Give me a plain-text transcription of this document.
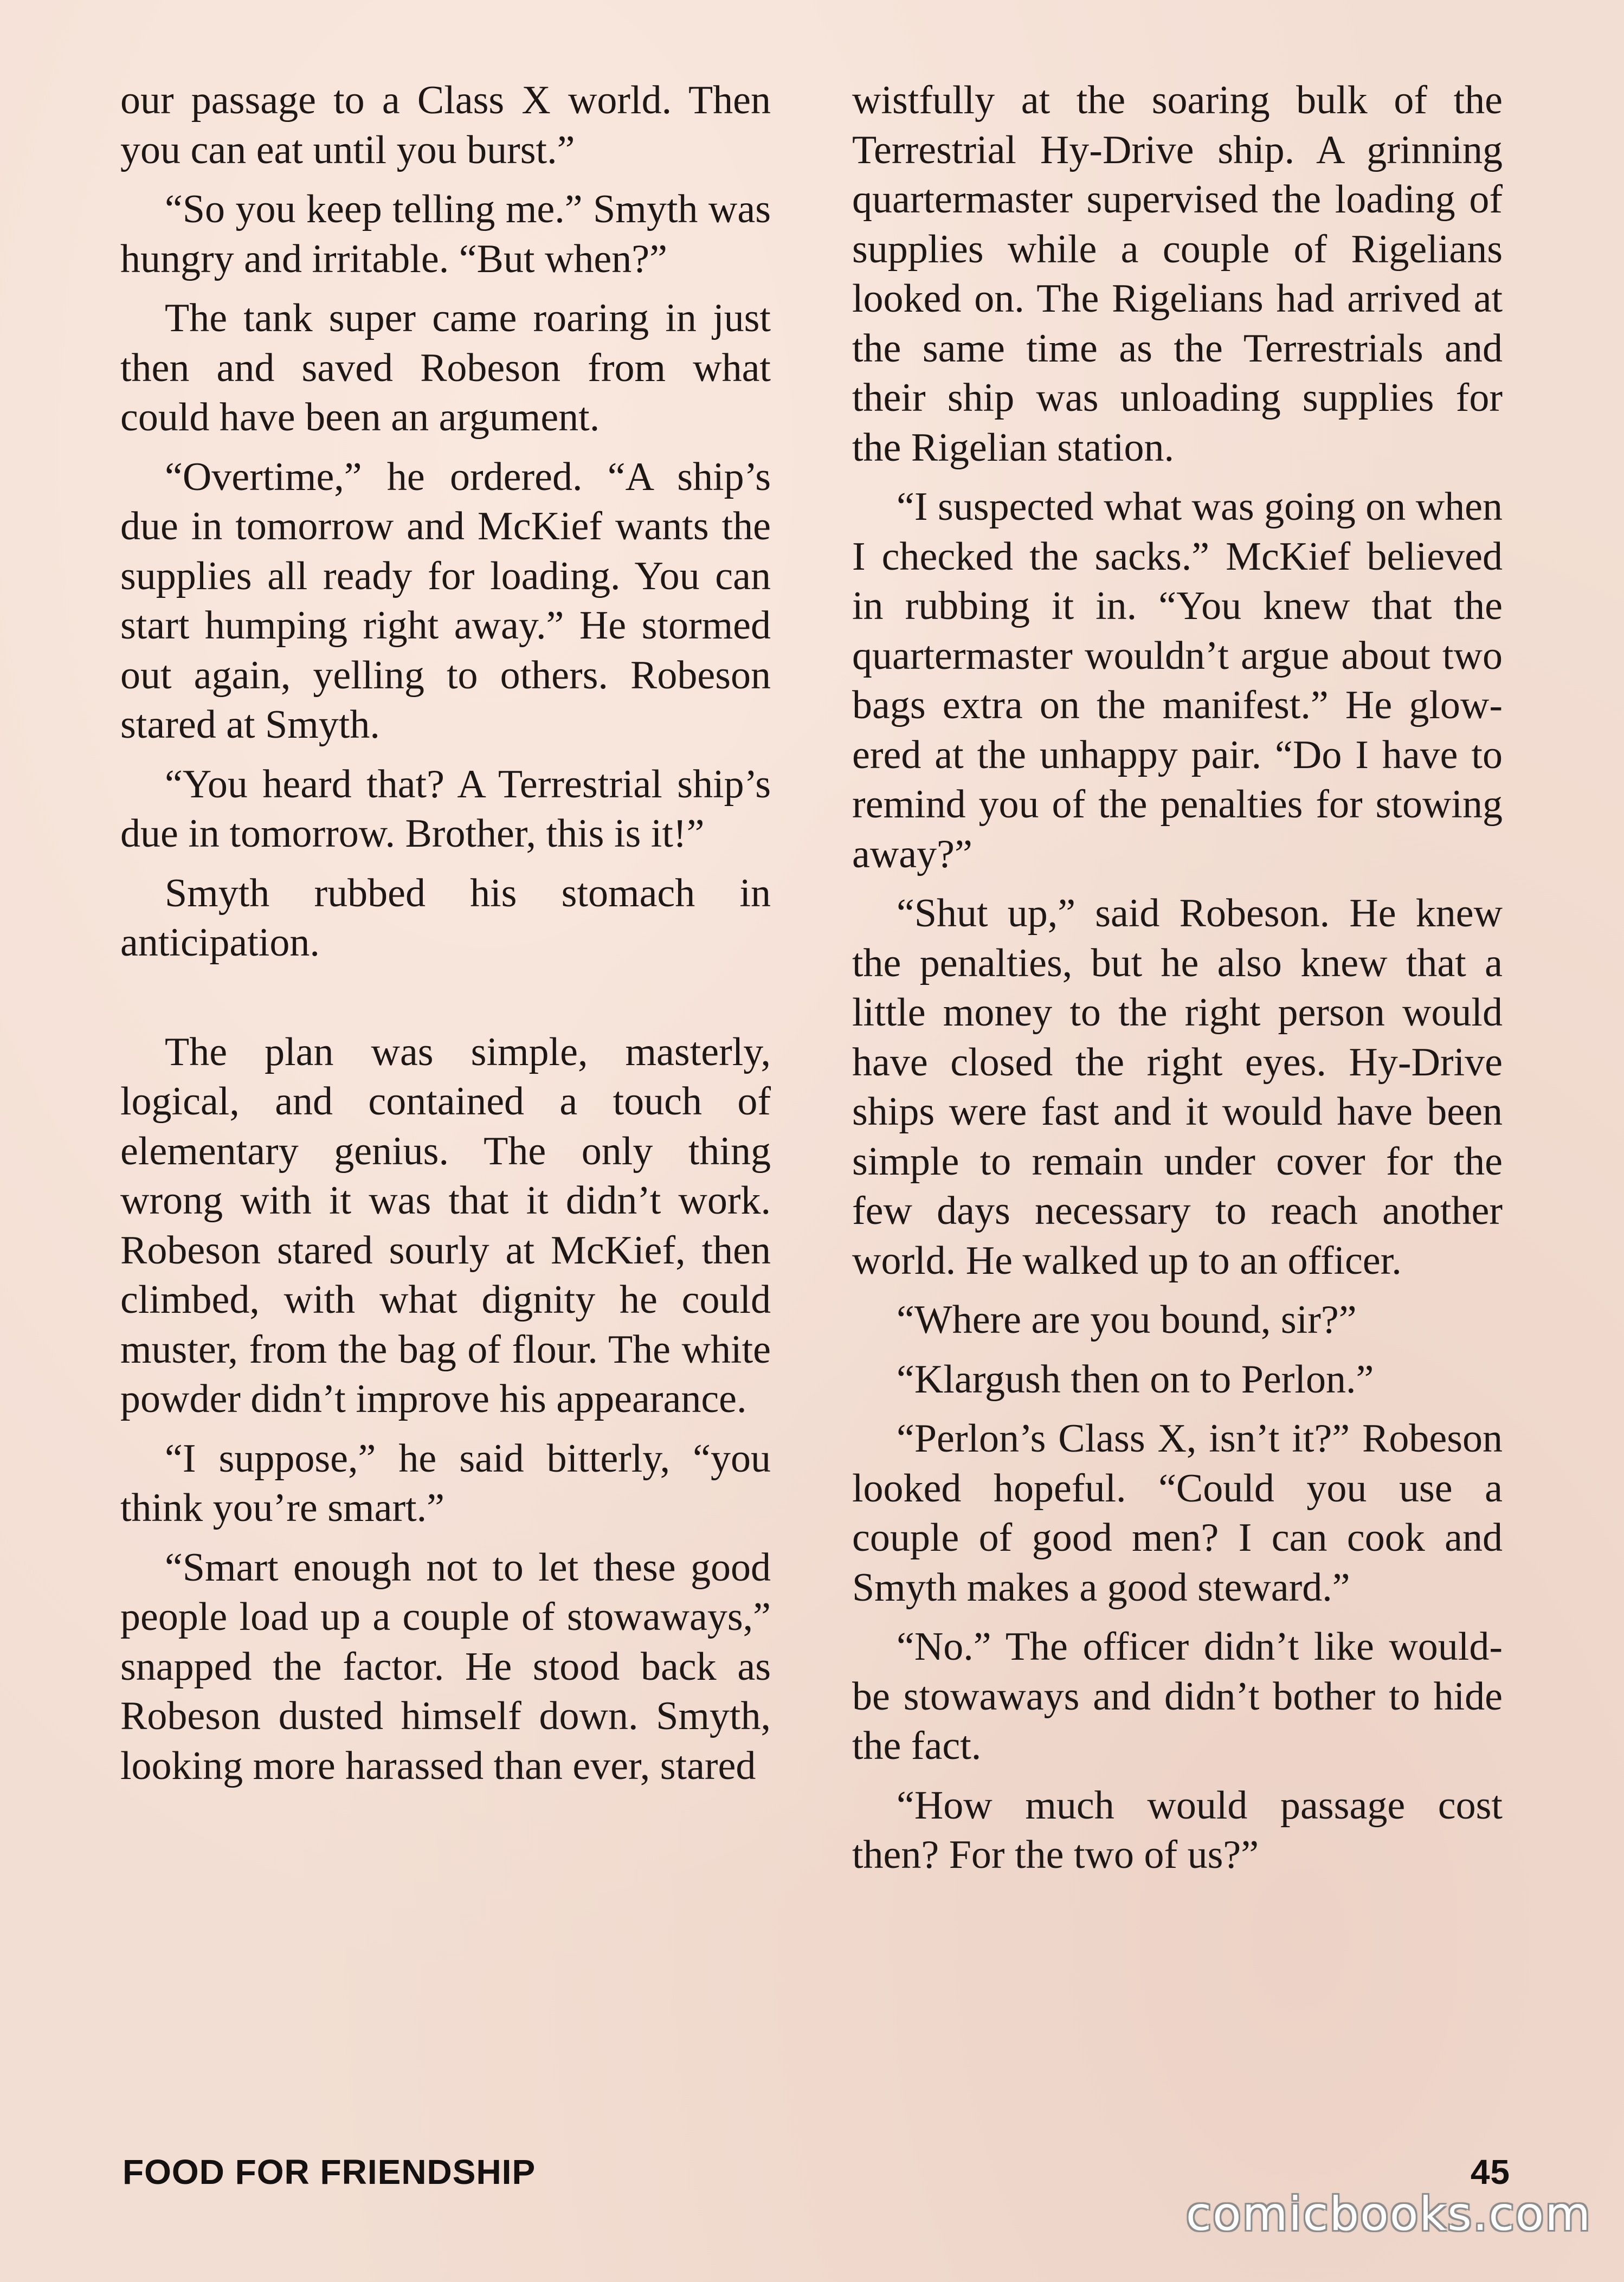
our passage to a Class X world. Then you can eat until you burst.”

“So you keep telling me.” Smyth was hungry and irritable. “But when?”

The tank super came roaring in just then and saved Robeson from what could have been an argument.

“Overtime,” he ordered. “A ship’s due in tomorrow and McKief wants the supplies all ready for loading. You can start humping right away.” He stormed out again, yelling to others. Robeson stared at Smyth.

“You heard that? A Terrestrial ship’s due in tomorrow. Brother, this is it!”

Smyth rubbed his stomach in anticipation.

The plan was simple, masterly, logical, and contained a touch of elementary genius. The only thing wrong with it was that it didn’t work. Robeson stared sourly at McKief, then climbed, with what dignity he could muster, from the bag of flour. The white powder didn’t improve his appearance.

“I suppose,” he said bitterly, “you think you’re smart.”

“Smart enough not to let these good people load up a couple of stowaways,” snapped the factor. He stood back as Robeson dusted himself down. Smyth, looking more harassed than ever, stared

wistfully at the soaring bulk of the Terrestrial Hy-Drive ship. A grinning quartermaster supervised the loading of supplies while a couple of Rigelians looked on. The Rigelians had arrived at the same time as the Terrestrials and their ship was unloading supplies for the Rigelian station.

“I suspected what was going on when I checked the sacks.” McKief believed in rubbing it in. “You knew that the quartermaster wouldn’t argue about two bags extra on the manifest.” He glowered at the unhappy pair. “Do I have to remind you of the penalties for stowing away?”

“Shut up,” said Robeson. He knew the penalties, but he also knew that a little money to the right person would have closed the right eyes. Hy-Drive ships were fast and it would have been simple to remain under cover for the few days necessary to reach another world. He walked up to an officer.

“Where are you bound, sir?”

“Klargush then on to Perlon.”

“Perlon’s Class X, isn’t it?” Robeson looked hopeful. “Could you use a couple of good men? I can cook and Smyth makes a good steward.”

“No.” The officer didn’t like would-be stowaways and didn’t bother to hide the fact.

“How much would passage cost then? For the two of us?”

FOOD FOR FRIENDSHIP	45
comicbooks.com
